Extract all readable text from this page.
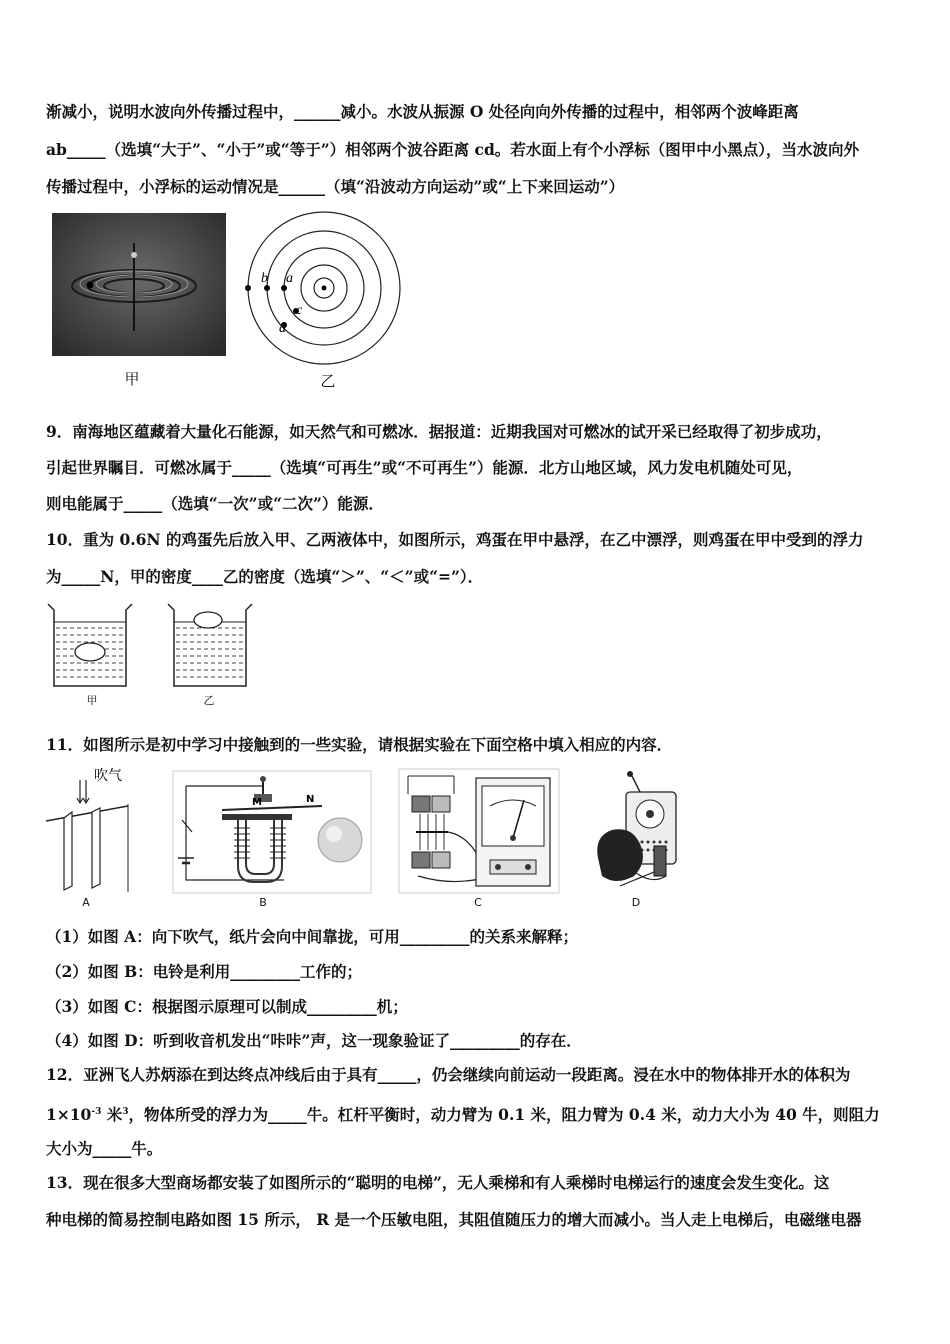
渐减小，说明水波向外传播过程中，______减小。水波从振源 O 处径向向外传播的过程中，相邻两个波峰距离
ab_____（选填“大于”、“小于”或“等于”）相邻两个波谷距离 cd。若水面上有个小浮标（图甲中小黑点），当水波向外
传播过程中，小浮标的运动情况是______（填“沿波动方向运动”或“上下来回运动”）
甲
b a
c
d
乙
9．南海地区蕴藏着大量化石能源，如天然气和可燃冰．据报道：近期我国对可燃冰的试开采已经取得了初步成功，
引起世界瞩目．可燃冰属于_____（选填“可再生”或“不可再生”）能源．北方山地区域，风力发电机随处可见，
则电能属于_____（选填“一次”或“二次”）能源．
10．重为 0.6N 的鸡蛋先后放入甲、乙两液体中，如图所示，鸡蛋在甲中悬浮，在乙中漂浮，则鸡蛋在甲中受到的浮力
为_____N，甲的密度____乙的密度（选填“＞”、“＜”或“=”）．
甲	乙
11．如图所示是初中学习中接触到的一些实验，请根据实验在下面空格中填入相应的内容．
吹气
A
M	N
B	C	D
（1）如图 A：向下吹气，纸片会向中间靠拢，可用_________的关系来解释；
（2）如图 B：电铃是利用_________工作的；
（3）如图 C：根据图示原理可以制成_________机；
（4）如图 D：听到收音机发出“咔咔”声，这一现象验证了_________的存在．
12．亚洲飞人苏炳添在到达终点冲线后由于具有_____，仍会继续向前运动一段距离。浸在水中的物体排开水的体积为
$1\times 10^{-3}$ 米$^3$，物体所受的浮力为_____牛。杠杆平衡时，动力臂为 0.1 米，阻力臂为 0.4 米，动力大小为 40 牛，则阻力
大小为_____牛。
13．现在很多大型商场都安装了如图所示的“聪明的电梯”，无人乘梯和有人乘梯时电梯运行的速度会发生变化。这
种电梯的简易控制电路如图 15 所示， R 是一个压敏电阻，其阻值随压力的增大而减小。当人走上电梯后，电磁继电器
